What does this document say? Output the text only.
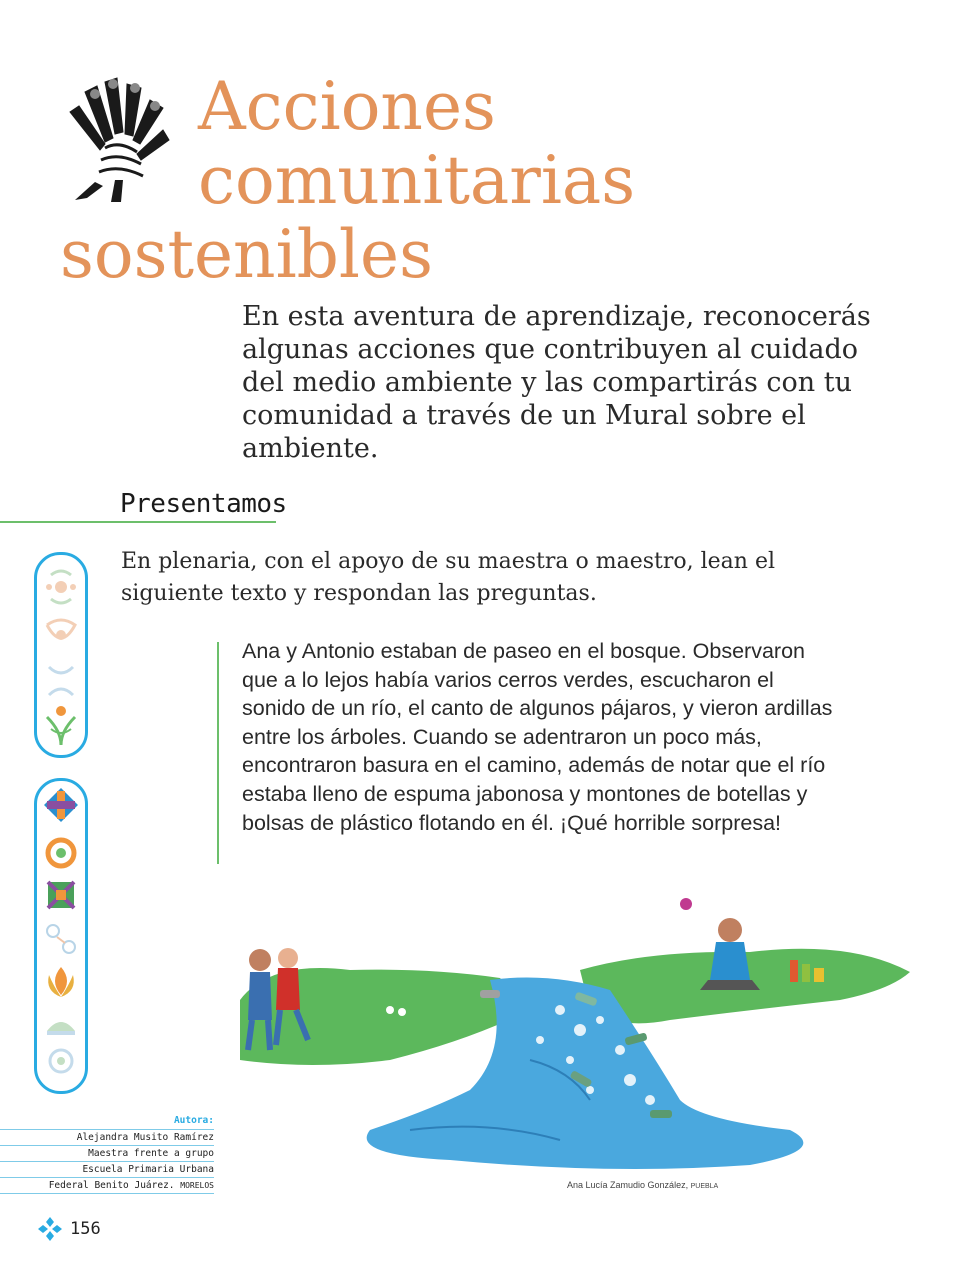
Acciones
comunitarias
sostenibles

En esta aventura de aprendizaje, reconocerás algunas acciones que contribuyen al cuidado del medio ambiente y las compartirás con tu comunidad a través de un Mural sobre el ambiente.

Presentamos

En plenaria, con el apoyo de su maestra o maestro, lean el siguiente texto y respondan las preguntas.

Ana y Antonio estaban de paseo en el bosque. Observaron que a lo lejos había varios cerros verdes, escucharon el sonido de un río, el canto de algunos pájaros, y vieron ardillas entre los árboles. Cuando se adentraron un poco más, encontraron basura en el camino, además de notar que el río estaba lleno de espuma jabonosa y montones de botellas y bolsas de plástico flotando en él. ¡Qué horrible sorpresa!

Autora:
Alejandra Musito Ramírez
Maestra frente a grupo
Escuela Primaria Urbana
Federal Benito Juárez. MORELOS	Ana Lucía Zamudio González, PUEBLA
156
